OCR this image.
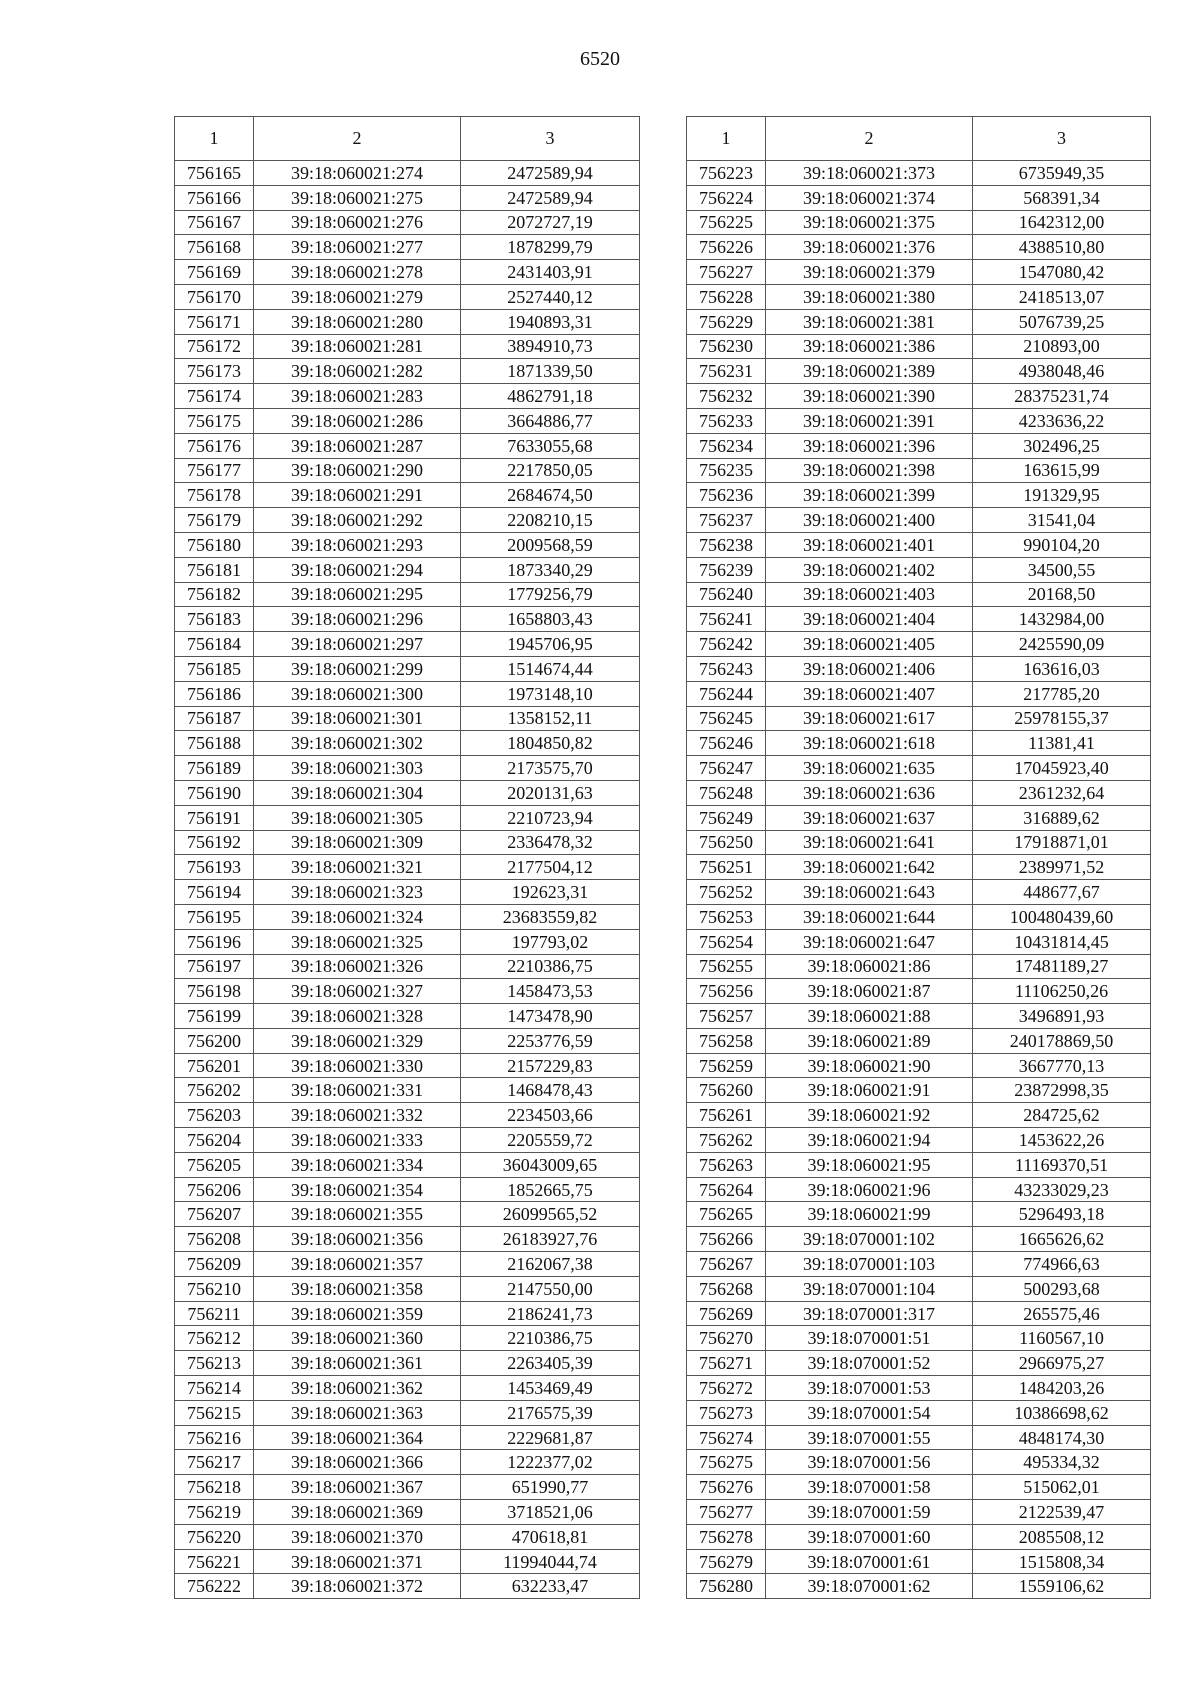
6520
1	2	3
756165	39:18:060021:274	2472589,94
756166	39:18:060021:275	2472589,94
756167	39:18:060021:276	2072727,19
756168	39:18:060021:277	1878299,79
756169	39:18:060021:278	2431403,91
756170	39:18:060021:279	2527440,12
756171	39:18:060021:280	1940893,31
756172	39:18:060021:281	3894910,73
756173	39:18:060021:282	1871339,50
756174	39:18:060021:283	4862791,18
756175	39:18:060021:286	3664886,77
756176	39:18:060021:287	7633055,68
756177	39:18:060021:290	2217850,05
756178	39:18:060021:291	2684674,50
756179	39:18:060021:292	2208210,15
756180	39:18:060021:293	2009568,59
756181	39:18:060021:294	1873340,29
756182	39:18:060021:295	1779256,79
756183	39:18:060021:296	1658803,43
756184	39:18:060021:297	1945706,95
756185	39:18:060021:299	1514674,44
756186	39:18:060021:300	1973148,10
756187	39:18:060021:301	1358152,11
756188	39:18:060021:302	1804850,82
756189	39:18:060021:303	2173575,70
756190	39:18:060021:304	2020131,63
756191	39:18:060021:305	2210723,94
756192	39:18:060021:309	2336478,32
756193	39:18:060021:321	2177504,12
756194	39:18:060021:323	192623,31
756195	39:18:060021:324	23683559,82
756196	39:18:060021:325	197793,02
756197	39:18:060021:326	2210386,75
756198	39:18:060021:327	1458473,53
756199	39:18:060021:328	1473478,90
756200	39:18:060021:329	2253776,59
756201	39:18:060021:330	2157229,83
756202	39:18:060021:331	1468478,43
756203	39:18:060021:332	2234503,66
756204	39:18:060021:333	2205559,72
756205	39:18:060021:334	36043009,65
756206	39:18:060021:354	1852665,75
756207	39:18:060021:355	26099565,52
756208	39:18:060021:356	26183927,76
756209	39:18:060021:357	2162067,38
756210	39:18:060021:358	2147550,00
756211	39:18:060021:359	2186241,73
756212	39:18:060021:360	2210386,75
756213	39:18:060021:361	2263405,39
756214	39:18:060021:362	1453469,49
756215	39:18:060021:363	2176575,39
756216	39:18:060021:364	2229681,87
756217	39:18:060021:366	1222377,02
756218	39:18:060021:367	651990,77
756219	39:18:060021:369	3718521,06
756220	39:18:060021:370	470618,81
756221	39:18:060021:371	11994044,74
756222	39:18:060021:372	632233,47
1	2	3
756223	39:18:060021:373	6735949,35
756224	39:18:060021:374	568391,34
756225	39:18:060021:375	1642312,00
756226	39:18:060021:376	4388510,80
756227	39:18:060021:379	1547080,42
756228	39:18:060021:380	2418513,07
756229	39:18:060021:381	5076739,25
756230	39:18:060021:386	210893,00
756231	39:18:060021:389	4938048,46
756232	39:18:060021:390	28375231,74
756233	39:18:060021:391	4233636,22
756234	39:18:060021:396	302496,25
756235	39:18:060021:398	163615,99
756236	39:18:060021:399	191329,95
756237	39:18:060021:400	31541,04
756238	39:18:060021:401	990104,20
756239	39:18:060021:402	34500,55
756240	39:18:060021:403	20168,50
756241	39:18:060021:404	1432984,00
756242	39:18:060021:405	2425590,09
756243	39:18:060021:406	163616,03
756244	39:18:060021:407	217785,20
756245	39:18:060021:617	25978155,37
756246	39:18:060021:618	11381,41
756247	39:18:060021:635	17045923,40
756248	39:18:060021:636	2361232,64
756249	39:18:060021:637	316889,62
756250	39:18:060021:641	17918871,01
756251	39:18:060021:642	2389971,52
756252	39:18:060021:643	448677,67
756253	39:18:060021:644	100480439,60
756254	39:18:060021:647	10431814,45
756255	39:18:060021:86	17481189,27
756256	39:18:060021:87	11106250,26
756257	39:18:060021:88	3496891,93
756258	39:18:060021:89	240178869,50
756259	39:18:060021:90	3667770,13
756260	39:18:060021:91	23872998,35
756261	39:18:060021:92	284725,62
756262	39:18:060021:94	1453622,26
756263	39:18:060021:95	11169370,51
756264	39:18:060021:96	43233029,23
756265	39:18:060021:99	5296493,18
756266	39:18:070001:102	1665626,62
756267	39:18:070001:103	774966,63
756268	39:18:070001:104	500293,68
756269	39:18:070001:317	265575,46
756270	39:18:070001:51	1160567,10
756271	39:18:070001:52	2966975,27
756272	39:18:070001:53	1484203,26
756273	39:18:070001:54	10386698,62
756274	39:18:070001:55	4848174,30
756275	39:18:070001:56	495334,32
756276	39:18:070001:58	515062,01
756277	39:18:070001:59	2122539,47
756278	39:18:070001:60	2085508,12
756279	39:18:070001:61	1515808,34
756280	39:18:070001:62	1559106,62
